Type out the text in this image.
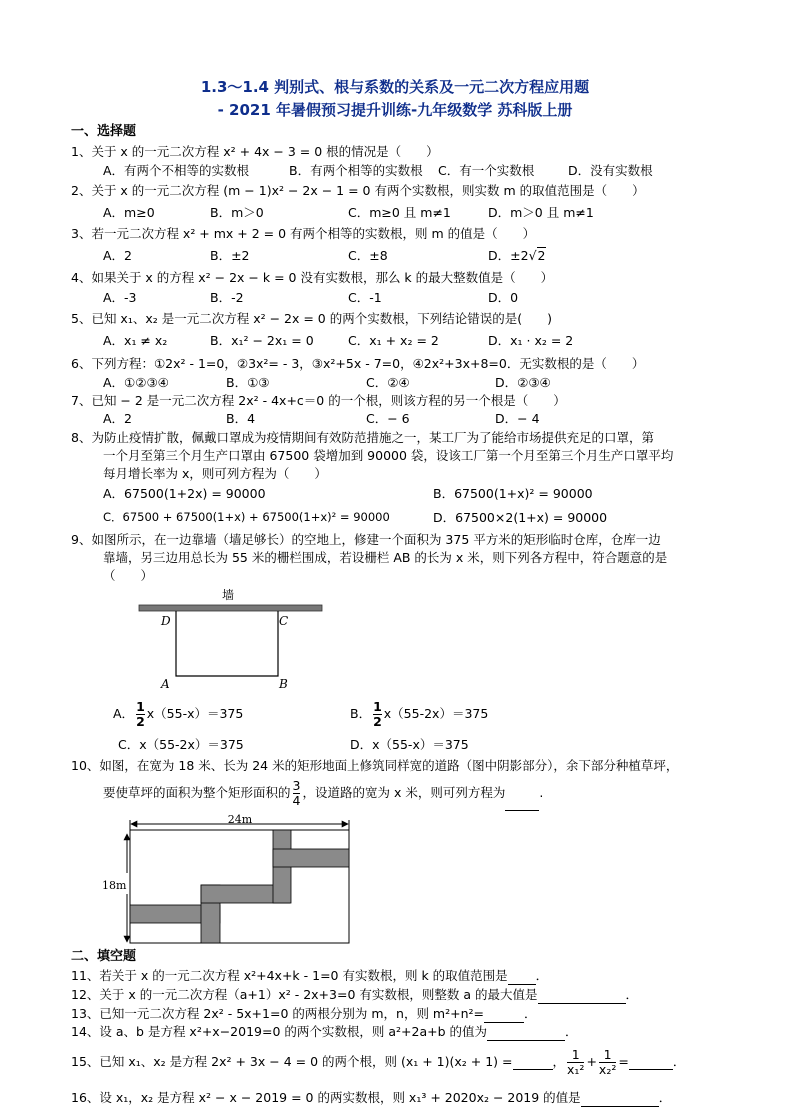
1.3～1.4 判别式、根与系数的关系及一元二次方程应用题
- 2021 年暑假预习提升训练-九年级数学 苏科版上册
一、选择题
1、关于 x 的一元二次方程 x² + 4x − 3 = 0 根的情况是（　　）
A．有两个不相等的实数根	B．有两个相等的实数根 C．有一个实数根	D．没有实数根
2、关于 x 的一元二次方程 (m − 1)x² − 2x − 1 = 0 有两个实数根，则实数 m 的取值范围是（　　）
A．m≥0	B．m＞0	C．m≥0 且 m≠1	D．m＞0 且 m≠1
3、若一元二次方程 x² + mx + 2 = 0 有两个相等的实数根，则 m 的值是（　　）
A．2	B．±2	C．±8	D．±2√2
4、如果关于 x 的方程 x² − 2x − k = 0 没有实数根，那么 k 的最大整数值是（　　）
A．-3	B．-2	C．-1	D．0
5、已知 x₁、x₂ 是一元二次方程 x² − 2x = 0 的两个实数根，下列结论错误的是(　　)
A．x₁ ≠ x₂	B．x₁² − 2x₁ = 0	C．x₁ + x₂ = 2	D．x₁ · x₂ = 2
6、下列方程：①2x² - 1=0，②3x²= - 3，③x²+5x - 7=0，④2x²+3x+8=0．无实数根的是（　　）
A．①②③④	B．①③	C．②④	D．②③④
7、已知 − 2 是一元二次方程 2x² - 4x+c＝0 的一个根，则该方程的另一个根是（　　）
A．2	B．4	C．− 6	D．− 4
8、为防止疫情扩散，佩戴口罩成为疫情期间有效防范措施之一，某工厂为了能给市场提供充足的口罩，第
一个月至第三个月生产口罩由 67500 袋增加到 90000 袋，设该工厂第一个月至第三个月生产口罩平均
每月增长率为 x，则可列方程为（　　）
A．67500(1+2x) = 90000	B．67500(1+x)² = 90000
C．67500 + 67500(1+x) + 67500(1+x)² = 90000	D．67500×2(1+x) = 90000
9、如图所示，在一边靠墙（墙足够长）的空地上，修建一个面积为 375 平方米的矩形临时仓库，仓库一边
靠墙，另三边用总长为 55 米的栅栏围成，若设栅栏 AB 的长为 x 米，则下列各方程中，符合题意的是
（　　）
墙
D	C
A	B
A． $\frac{1}{2} x(55-x)=375$	B． $\frac{1}{2} x(55-2x)=375$
C．x（55-2x）＝375	D．x（55-x）＝375
10、如图，在宽为 18 米、长为 24 米的矩形地面上修筑同样宽的道路（图中阴影部分），余下部分种植草坪，
要使草坪的面积为整个矩形面积的 $\frac{3}{4}$ ，设道路的宽为 x 米，则可列方程为	.
24m
18m
二、填空题
11、若关于 x 的一元二次方程 x²+4x+k - 1=0 有实数根，则 k 的取值范围是 ．
12、关于 x 的一元二次方程（a+1）x² - 2x+3=0 有实数根，则整数 a 的最大值是	．
13、已知一元二次方程 2x² - 5x+1=0 的两根分别为 m，n，则 m²+n²=	．
14、设 a、b 是方程 x²+x−2019=0 的两个实数根，则 a²+2a+b 的值为	．
15、已知 x₁、x₂ 是方程 2x² + 3x − 4 = 0 的两个根，则 (x₁ + 1)(x₂ + 1) =	， $\frac{1}{\text{x₁²}} + \frac{1}{\text{x₂²}}$ =	．
16、设 x₁，x₂ 是方程 x² − x − 2019 = 0 的两实数根，则 x₁³ + 2020x₂ − 2019 的值是	．
